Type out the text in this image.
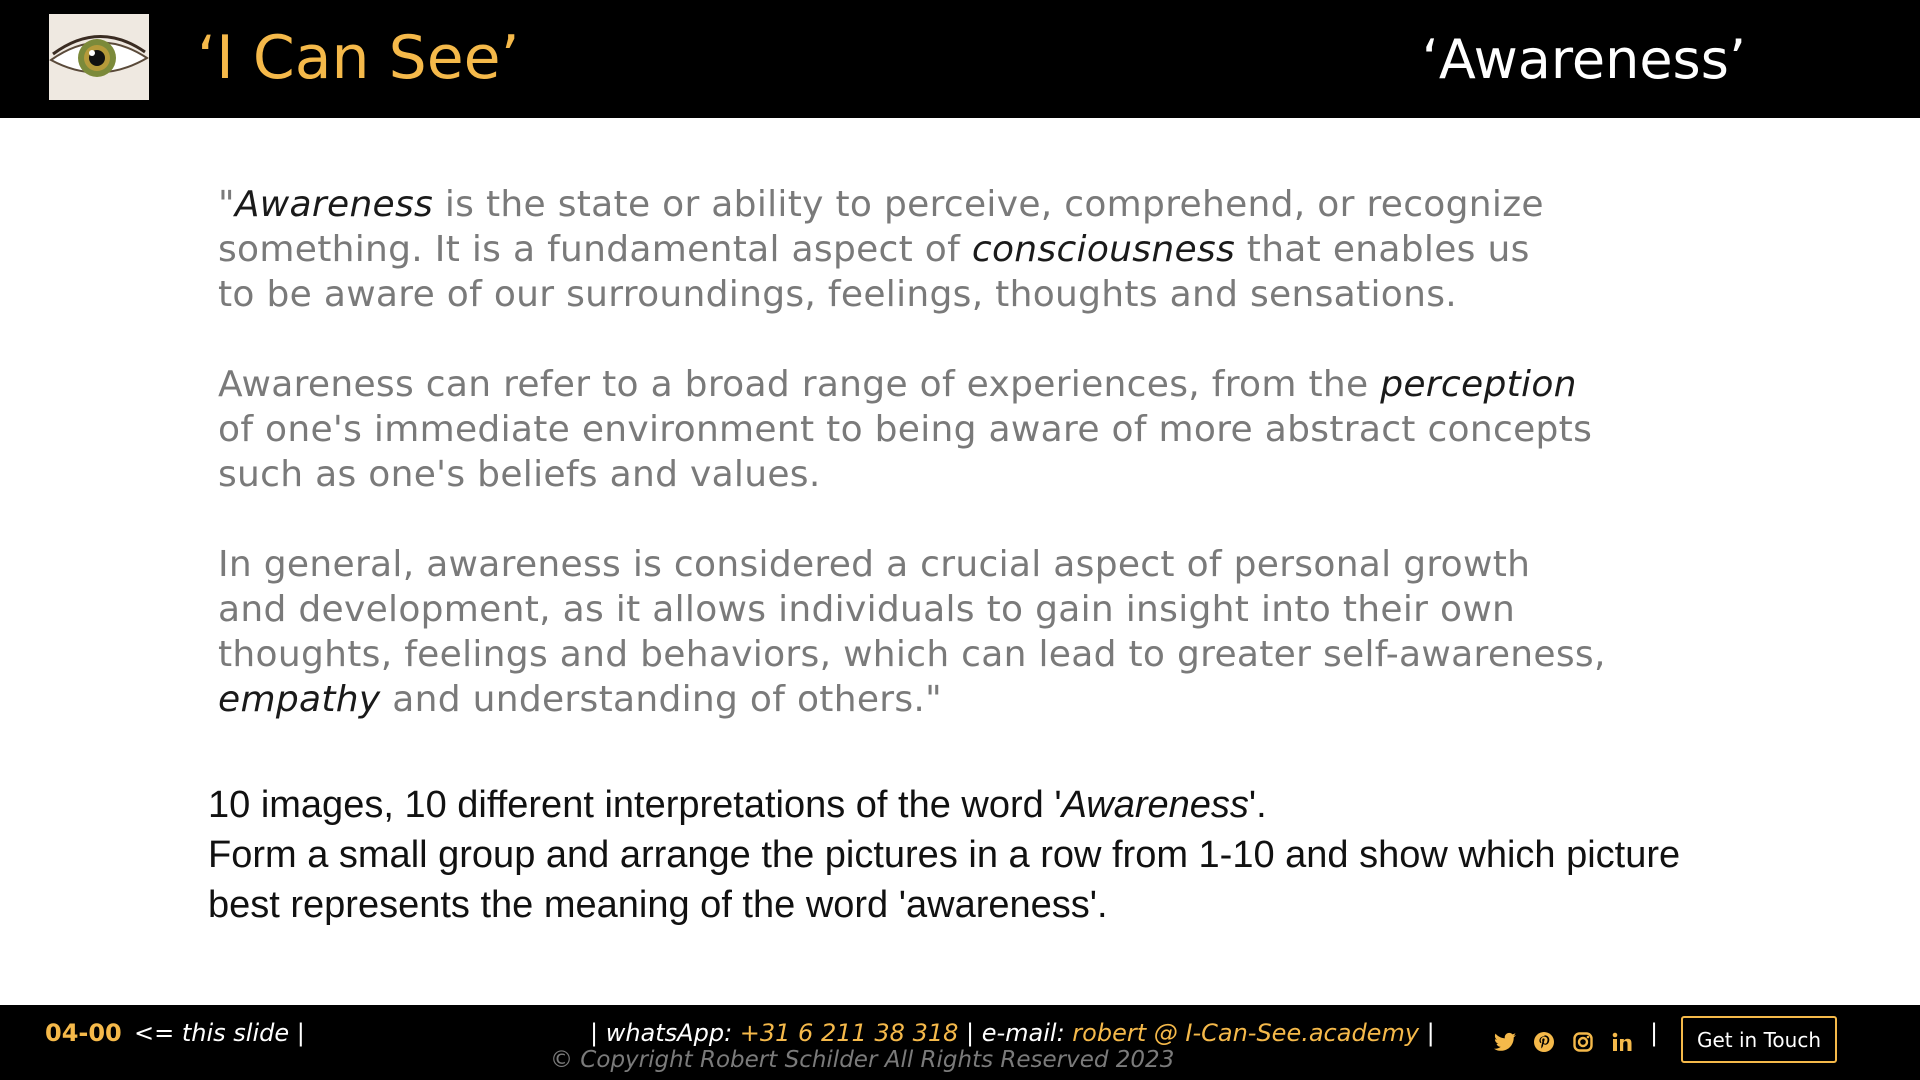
‘I Can See’	‘Awareness’

"Awareness is the state or ability to perceive, comprehend, or recognize
something. It is a fundamental aspect of consciousness that enables us
to be aware of our surroundings, feelings, thoughts and sensations.

Awareness can refer to a broad range of experiences, from the perception
of one's immediate environment to being aware of more abstract concepts
such as one's beliefs and values.

In general, awareness is considered a crucial aspect of personal growth
and development, as it allows individuals to gain insight into their own
thoughts, feelings and behaviors, which can lead to greater self-awareness,
empathy and understanding of others."

10 images, 10 different interpretations of the word 'Awareness'.
Form a small group and arrange the pictures in a row from 1-10 and show which picture
best represents the meaning of the word 'awareness'.
04-00 <= this slide |	| whatsApp: +31 6 211 38 318 | e-mail: robert @ I-Can-See.academy |
© Copyright Robert Schilder All Rights Reserved 2023
|	Get in Touch
